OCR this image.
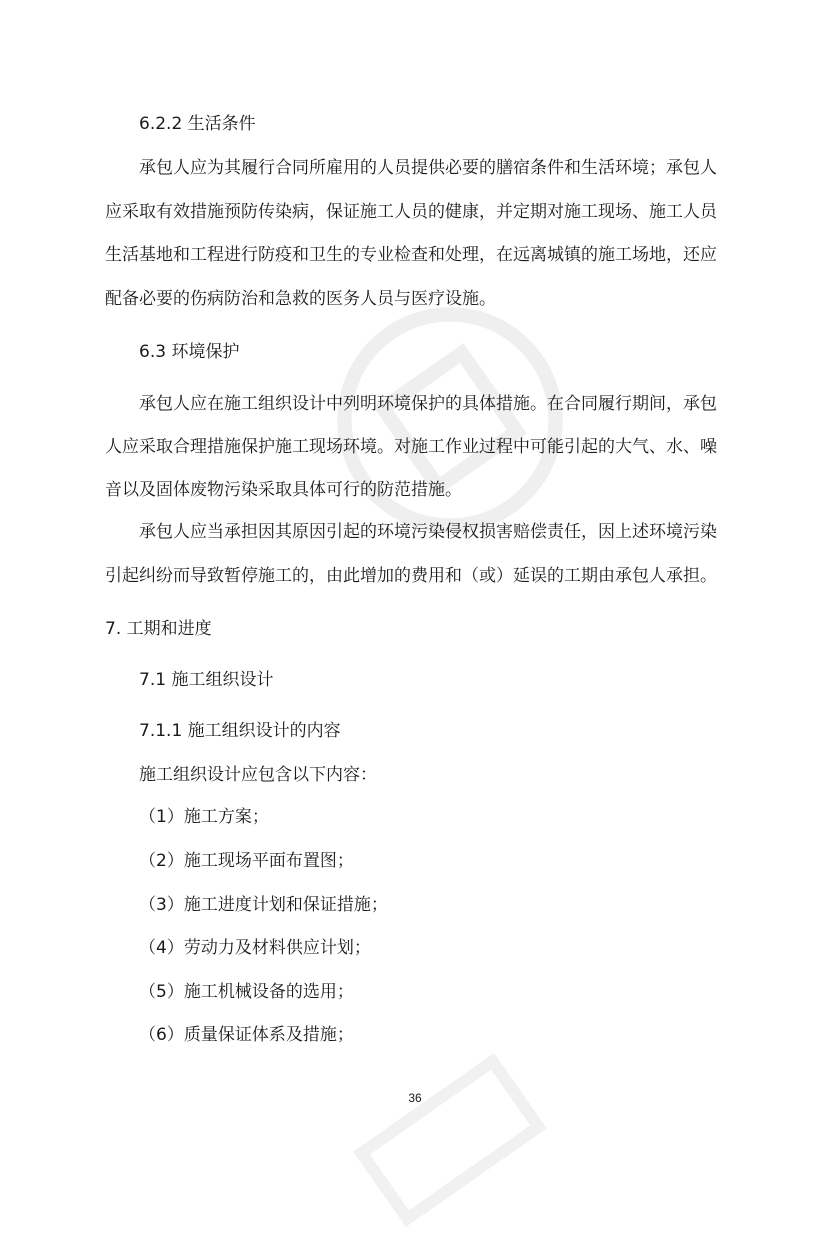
6.2.2 生活条件
承包人应为其履行合同所雇用的人员提供必要的膳宿条件和生活环境；承包人
应采取有效措施预防传染病，保证施工人员的健康，并定期对施工现场、施工人员
生活基地和工程进行防疫和卫生的专业检查和处理，在远离城镇的施工场地，还应
配备必要的伤病防治和急救的医务人员与医疗设施。
6.3 环境保护
承包人应在施工组织设计中列明环境保护的具体措施。在合同履行期间，承包
人应采取合理措施保护施工现场环境。对施工作业过程中可能引起的大气、水、噪
音以及固体废物污染采取具体可行的防范措施。
承包人应当承担因其原因引起的环境污染侵权损害赔偿责任，因上述环境污染
引起纠纷而导致暂停施工的，由此增加的费用和（或）延误的工期由承包人承担。
7. 工期和进度
7.1 施工组织设计
7.1.1 施工组织设计的内容
施工组织设计应包含以下内容：
（1）施工方案；
（2）施工现场平面布置图；
（3）施工进度计划和保证措施；
（4）劳动力及材料供应计划；
（5）施工机械设备的选用；
（6）质量保证体系及措施；
36
